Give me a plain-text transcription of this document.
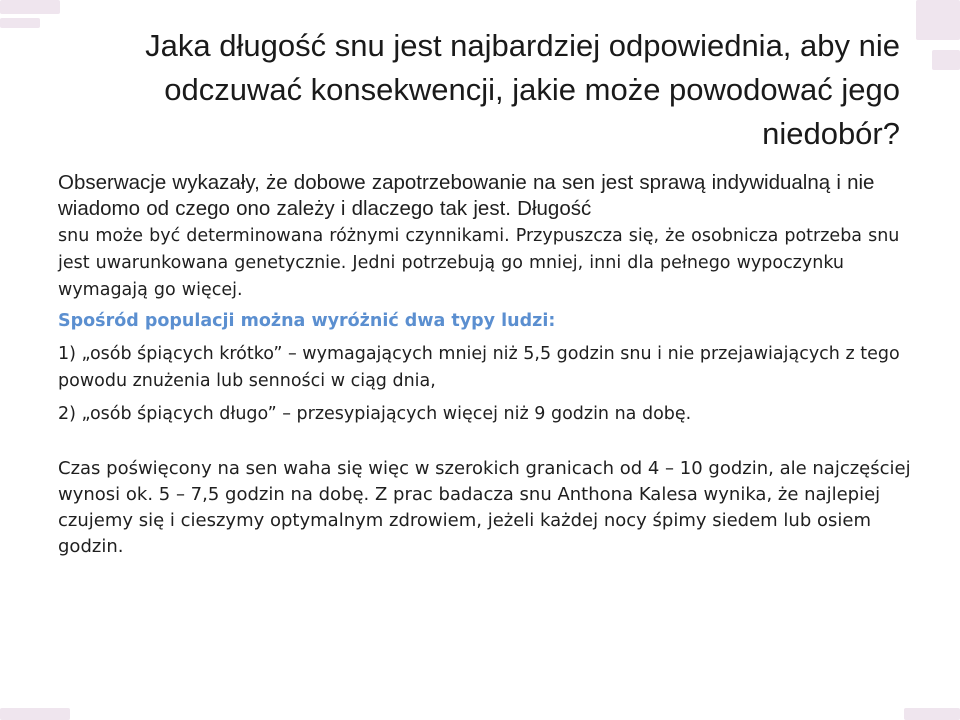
Jaka długość snu jest najbardziej odpowiednia, aby nie odczuwać konsekwencji, jakie może powodować jego niedobór?

Obserwacje wykazały, że dobowe zapotrzebowanie na sen jest sprawą indywidualną i nie wiadomo od czego ono zależy i dlaczego tak jest. Długość
snu może być determinowana różnymi czynnikami. Przypuszcza się, że osobnicza potrzeba snu jest uwarunkowana genetycznie. Jedni potrzebują go mniej, inni dla pełnego wypoczynku wymagają go więcej.

Spośród populacji można wyróżnić dwa typy ludzi:

1) „osób śpiących krótko” – wymagających mniej niż 5,5 godzin snu i nie przejawiających z tego powodu znużenia lub senności w ciąg dnia,

2) „osób śpiących długo” – przesypiających więcej niż 9 godzin na dobę.

Czas poświęcony na sen waha się więc w szerokich granicach od 4 – 10 godzin, ale najczęściej wynosi ok. 5 – 7,5 godzin na dobę. Z prac badacza snu Anthona Kalesa wynika, że najlepiej czujemy się i cieszymy optymalnym zdrowiem, jeżeli każdej nocy śpimy siedem lub osiem godzin.
